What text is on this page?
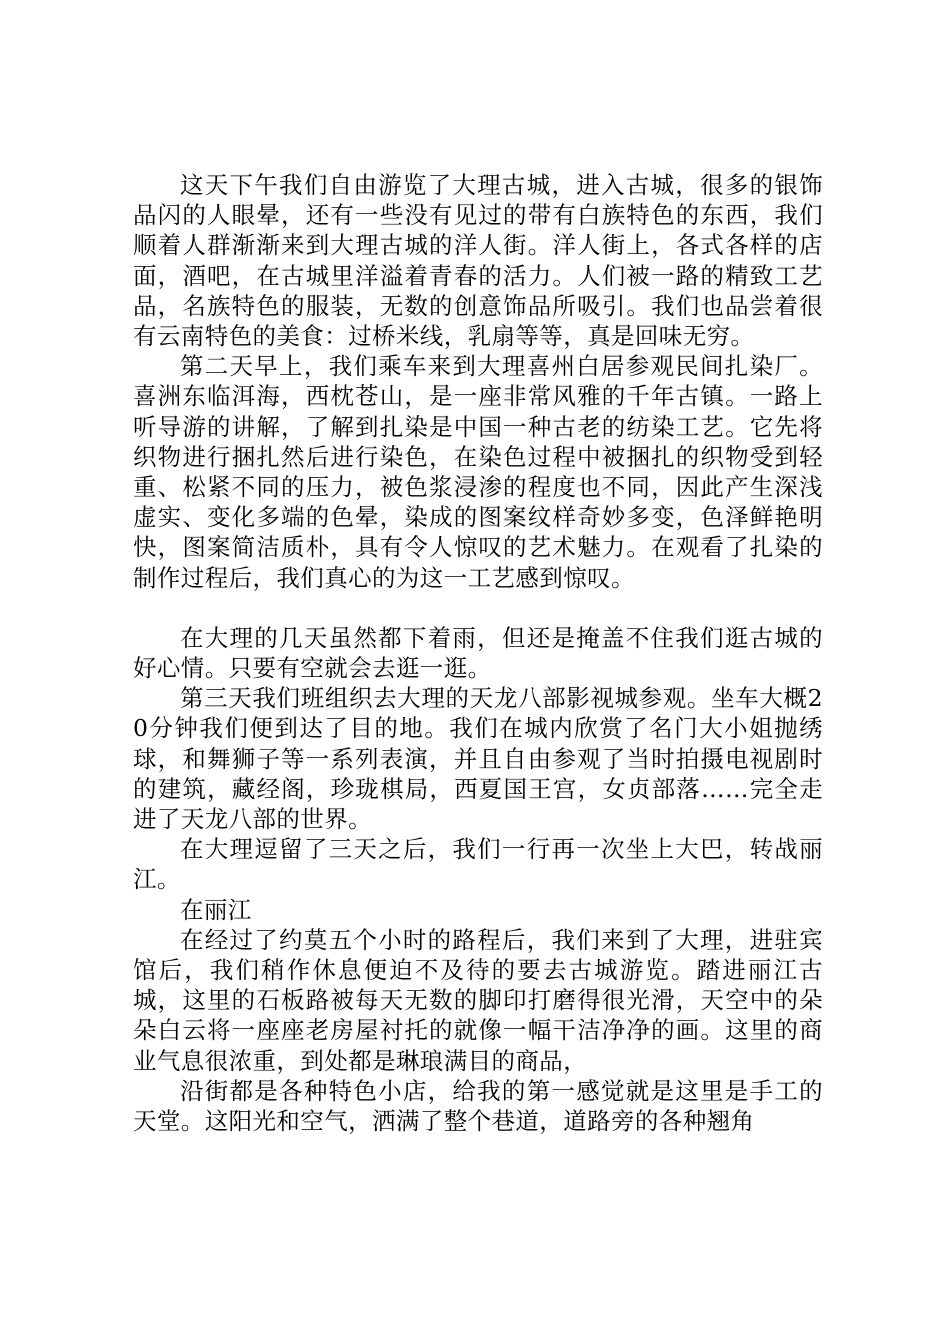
这天下午我们自由游览了大理古城，进入古城，很多的银饰品闪的人眼晕，还有一些没有见过的带有白族特色的东西，我们顺着人群渐渐来到大理古城的洋人街。洋人街上，各式各样的店面，酒吧，在古城里洋溢着青春的活力。人们被一路的精致工艺品，名族特色的服装，无数的创意饰品所吸引。我们也品尝着很有云南特色的美食：过桥米线，乳扇等等，真是回味无穷。

第二天早上，我们乘车来到大理喜州白居参观民间扎染厂。喜洲东临洱海，西枕苍山，是一座非常风雅的千年古镇。一路上听导游的讲解，了解到扎染是中国一种古老的纺染工艺。它先将织物进行捆扎然后进行染色，在染色过程中被捆扎的织物受到轻重、松紧不同的压力，被色浆浸渗的程度也不同，因此产生深浅虚实、变化多端的色晕，染成的图案纹样奇妙多变，色泽鲜艳明快，图案简洁质朴，具有令人惊叹的艺术魅力。在观看了扎染的制作过程后，我们真心的为这一工艺感到惊叹。

在大理的几天虽然都下着雨，但还是掩盖不住我们逛古城的好心情。只要有空就会去逛一逛。

第三天我们班组织去大理的天龙八部影视城参观。坐车大概20分钟我们便到达了目的地。我们在城内欣赏了名门大小姐抛绣球，和舞狮子等一系列表演，并且自由参观了当时拍摄电视剧时的建筑，藏经阁，珍珑棋局，西夏国王宫，女贞部落……完全走进了天龙八部的世界。

在大理逗留了三天之后，我们一行再一次坐上大巴，转战丽江。

在丽江

在经过了约莫五个小时的路程后，我们来到了大理，进驻宾馆后，我们稍作休息便迫不及待的要去古城游览。踏进丽江古城，这里的石板路被每天无数的脚印打磨得很光滑，天空中的朵朵白云将一座座老房屋衬托的就像一幅干洁净净的画。这里的商业气息很浓重，到处都是琳琅满目的商品，

沿街都是各种特色小店，给我的第一感觉就是这里是手工的天堂。这阳光和空气，洒满了整个巷道，道路旁的各种翘角
